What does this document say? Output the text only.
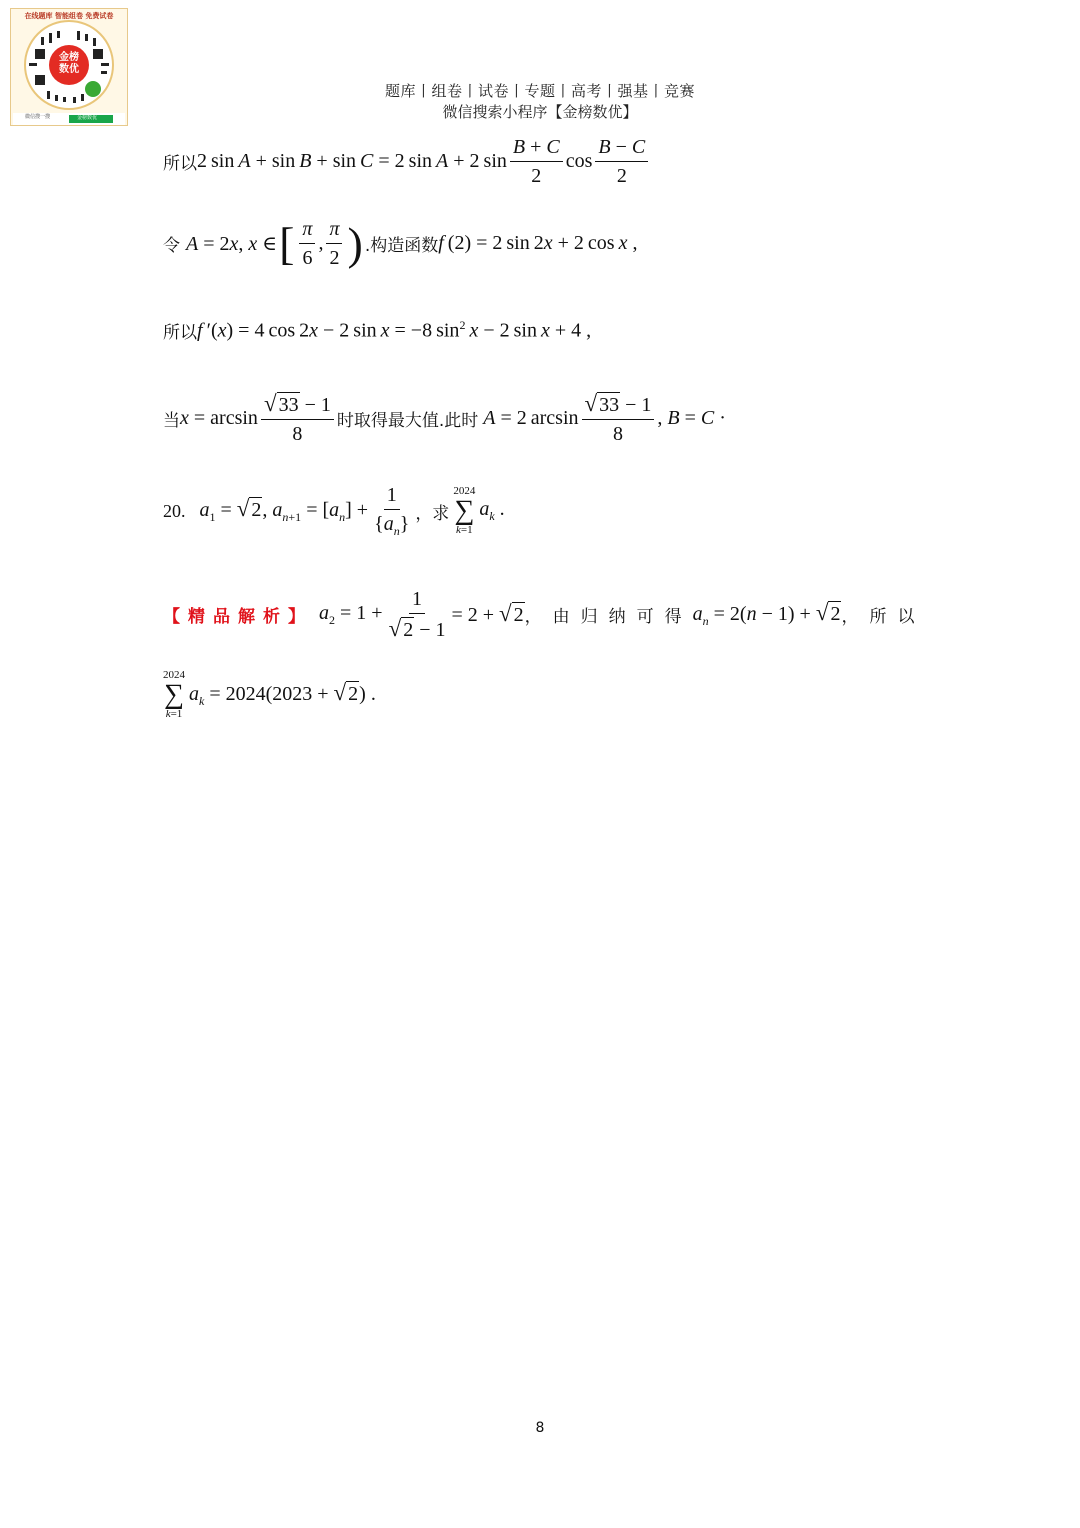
金榜
数优
在线题库 智能组卷 免费试卷
微信搜一搜	金榜数优
题库丨组卷丨试卷丨专题丨高考丨强基丨竞赛
微信搜索小程序【金榜数优】
所以 2 sin A + sin B + sin C = 2 sin A + 2 $\sin \frac{B + C}{2}$ $\cos \frac{B - C}{2}$
令 A = 2x, x ∈ [ $\frac{\pi}{6}$ , $\frac{\pi}{2}$ ) .构造函数 f (2) = 2 sin 2x + 2 cos x ,
所以 f ′(x) = 4 cos 2x − 2 sin x = −8 $\sin^2 x - 2$ sin x + 4 ,
当 $x = \arcsin \frac{√ 33 - 1}{8}$ 时取得最大值.此时 A = 2 $\arcsin \frac{√ 33 - 1}{8}$ , B = C ·
20. $a_1$ = √ 2 , $a_{n+1} = [a_n] + \frac{1}{\{a_n\}}$ ，求
2024
∑
k=1
$a_k$ .
【精品解析】 $a_2 = 1 + \frac{1}{√ 2 - 1} = 2$ + √ 2 ，由归纳可得 $a_n = 2(n - 1)$ + √ 2 ，所以
2024
∑
k=1
$a_k = 2024(2023$ + √ 2 ) .
8
